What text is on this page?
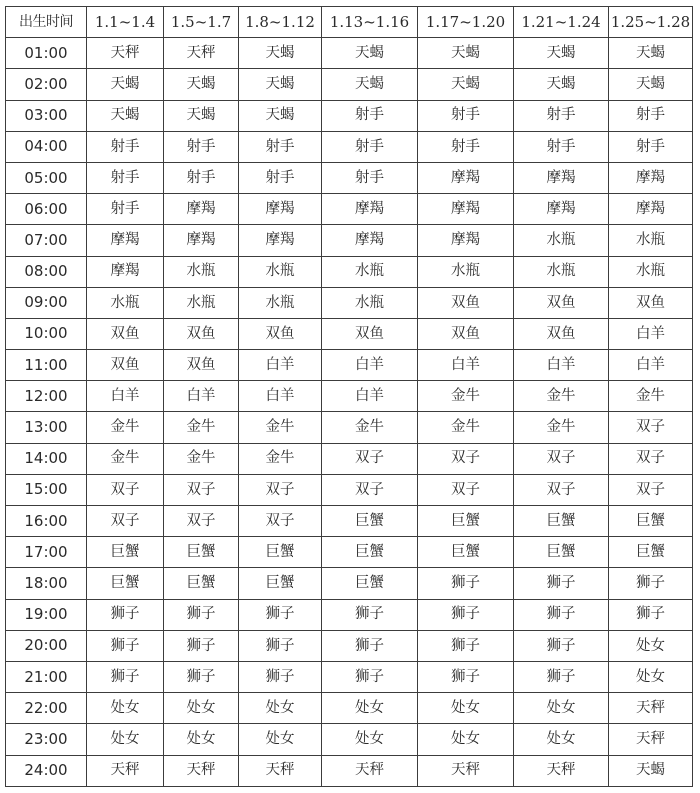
出生时间	1.1~1.4	1.5~1.7	1.8~1.12	1.13~1.16	1.17~1.20	1.21~1.24	1.25~1.28
01:00	天秤	天秤	天蝎	天蝎	天蝎	天蝎	天蝎
02:00	天蝎	天蝎	天蝎	天蝎	天蝎	天蝎	天蝎
03:00	天蝎	天蝎	天蝎	射手	射手	射手	射手
04:00	射手	射手	射手	射手	射手	射手	射手
05:00	射手	射手	射手	射手	摩羯	摩羯	摩羯
06:00	射手	摩羯	摩羯	摩羯	摩羯	摩羯	摩羯
07:00	摩羯	摩羯	摩羯	摩羯	摩羯	水瓶	水瓶
08:00	摩羯	水瓶	水瓶	水瓶	水瓶	水瓶	水瓶
09:00	水瓶	水瓶	水瓶	水瓶	双鱼	双鱼	双鱼
10:00	双鱼	双鱼	双鱼	双鱼	双鱼	双鱼	白羊
11:00	双鱼	双鱼	白羊	白羊	白羊	白羊	白羊
12:00	白羊	白羊	白羊	白羊	金牛	金牛	金牛
13:00	金牛	金牛	金牛	金牛	金牛	金牛	双子
14:00	金牛	金牛	金牛	双子	双子	双子	双子
15:00	双子	双子	双子	双子	双子	双子	双子
16:00	双子	双子	双子	巨蟹	巨蟹	巨蟹	巨蟹
17:00	巨蟹	巨蟹	巨蟹	巨蟹	巨蟹	巨蟹	巨蟹
18:00	巨蟹	巨蟹	巨蟹	巨蟹	狮子	狮子	狮子
19:00	狮子	狮子	狮子	狮子	狮子	狮子	狮子
20:00	狮子	狮子	狮子	狮子	狮子	狮子	处女
21:00	狮子	狮子	狮子	狮子	狮子	狮子	处女
22:00	处女	处女	处女	处女	处女	处女	天秤
23:00	处女	处女	处女	处女	处女	处女	天秤
24:00	天秤	天秤	天秤	天秤	天秤	天秤	天蝎
